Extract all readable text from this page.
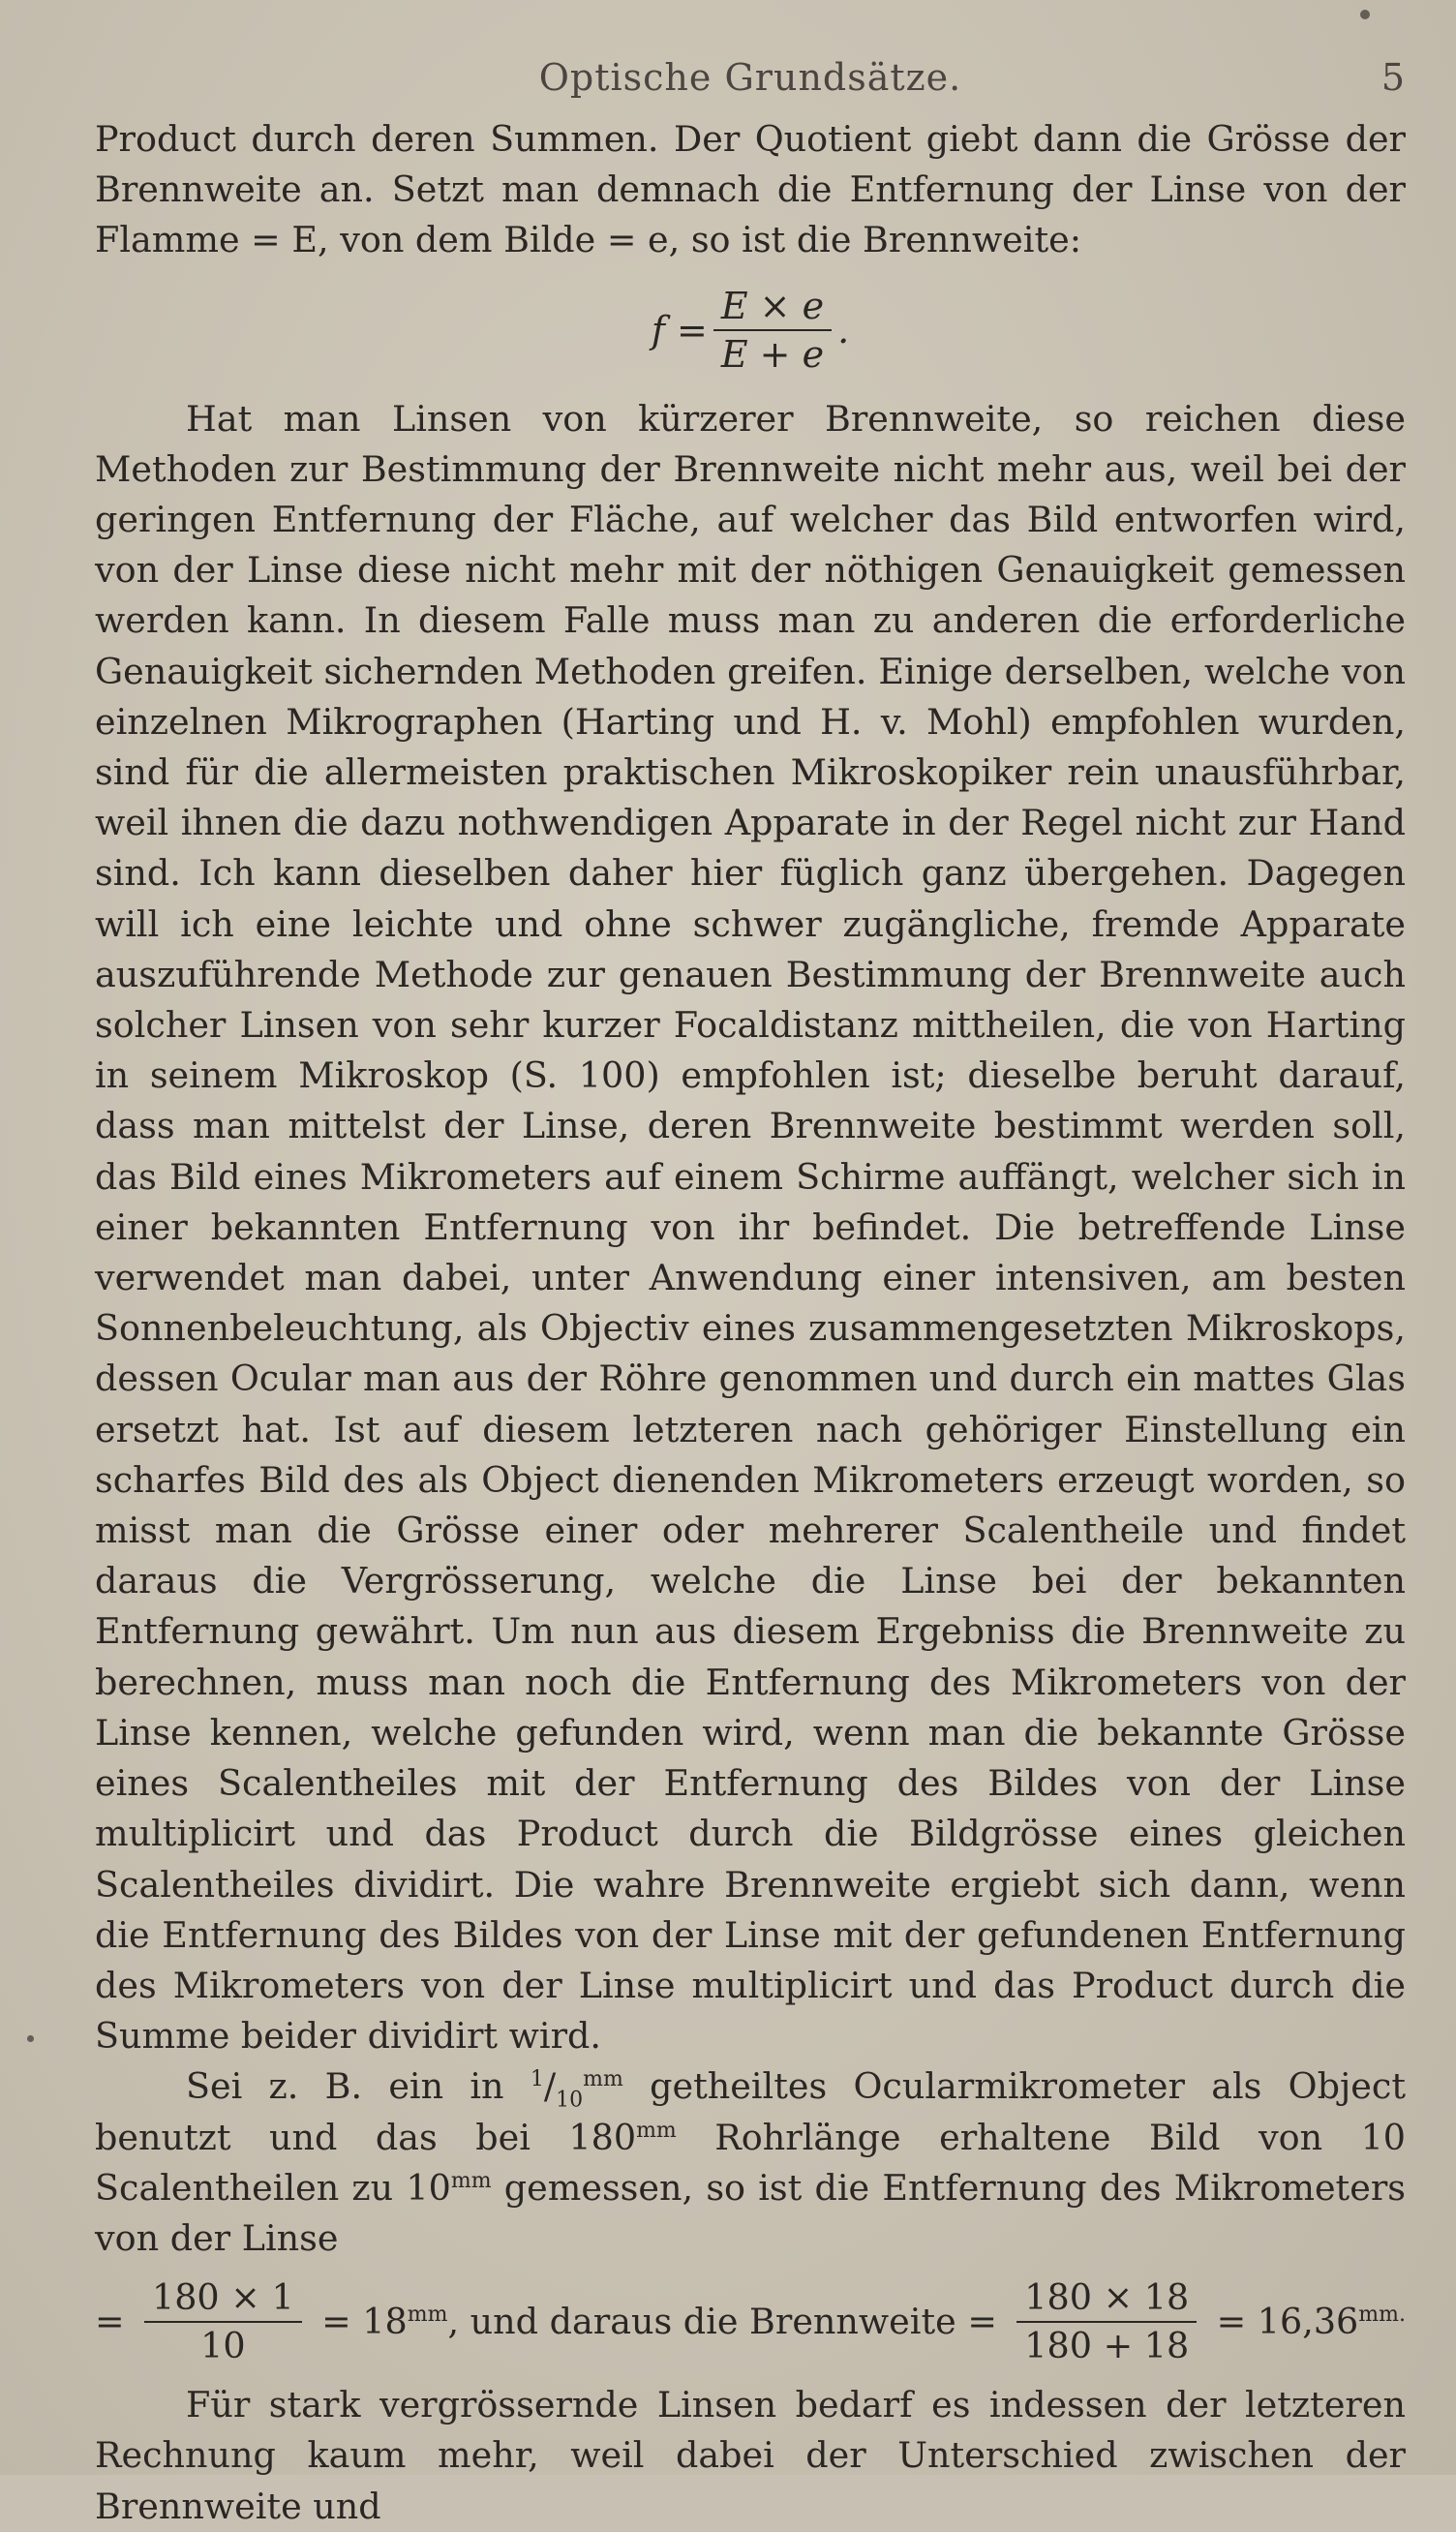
Optische Grundsätze.	5

Product durch deren Summen. Der Quotient giebt dann die Grösse der Brennweite an. Setzt man demnach die Entfernung der Linse von der Flamme = E, von dem Bilde = e, so ist die Brennweite:

$f = \frac{E \times e}{E + e}$ .

Hat man Linsen von kürzerer Brennweite, so reichen diese Methoden zur Bestimmung der Brennweite nicht mehr aus, weil bei der geringen Entfernung der Fläche, auf welcher das Bild entworfen wird, von der Linse diese nicht mehr mit der nöthigen Genauigkeit gemessen werden kann. In diesem Falle muss man zu anderen die erforderliche Genauigkeit sichernden Methoden greifen. Einige derselben, welche von einzelnen Mikrographen (Harting und H. v. Mohl) empfohlen wurden, sind für die allermeisten praktischen Mikroskopiker rein unausführbar, weil ihnen die dazu nothwendigen Apparate in der Regel nicht zur Hand sind. Ich kann dieselben daher hier füglich ganz übergehen. Dagegen will ich eine leichte und ohne schwer zugängliche, fremde Apparate auszuführende Methode zur genauen Bestimmung der Brennweite auch solcher Linsen von sehr kurzer Focaldistanz mittheilen, die von Harting in seinem Mikroskop (S. 100) empfohlen ist; dieselbe beruht darauf, dass man mittelst der Linse, deren Brennweite bestimmt werden soll, das Bild eines Mikrometers auf einem Schirme auffängt, welcher sich in einer bekannten Entfernung von ihr befindet. Die betreffende Linse verwendet man dabei, unter Anwendung einer intensiven, am besten Sonnenbeleuchtung, als Objectiv eines zusammengesetzten Mikroskops, dessen Ocular man aus der Röhre genommen und durch ein mattes Glas ersetzt hat. Ist auf diesem letzteren nach gehöriger Einstellung ein scharfes Bild des als Object dienenden Mikrometers erzeugt worden, so misst man die Grösse einer oder mehrerer Scalentheile und findet daraus die Vergrösserung, welche die Linse bei der bekannten Entfernung gewährt. Um nun aus diesem Ergebniss die Brennweite zu berechnen, muss man noch die Entfernung des Mikrometers von der Linse kennen, welche gefunden wird, wenn man die bekannte Grösse eines Scalentheiles mit der Entfernung des Bildes von der Linse multiplicirt und das Product durch die Bildgrösse eines gleichen Scalentheiles dividirt. Die wahre Brennweite ergiebt sich dann, wenn die Entfernung des Bildes von der Linse mit der gefundenen Entfernung des Mikrometers von der Linse multiplicirt und das Product durch die Summe beider dividirt wird.

Sei z. B. ein in $^1/_{10}^{mm}$ getheiltes Ocularmikrometer als Object benutzt und das bei $180^{mm}$ Rohrlänge erhaltene Bild von 10 Scalentheilen zu $10^{mm}$ gemessen, so ist die Entfernung des Mikrometers von der Linse

= $\frac{180 \times 1}{10} = 18^{mm}$, und daraus die Brennweite = $\frac{180 \times 18}{180 + 18} = 16,36^{mm.}$

Für stark vergrössernde Linsen bedarf es indessen der letzteren Rechnung kaum mehr, weil dabei der Unterschied zwischen der Brennweite und
